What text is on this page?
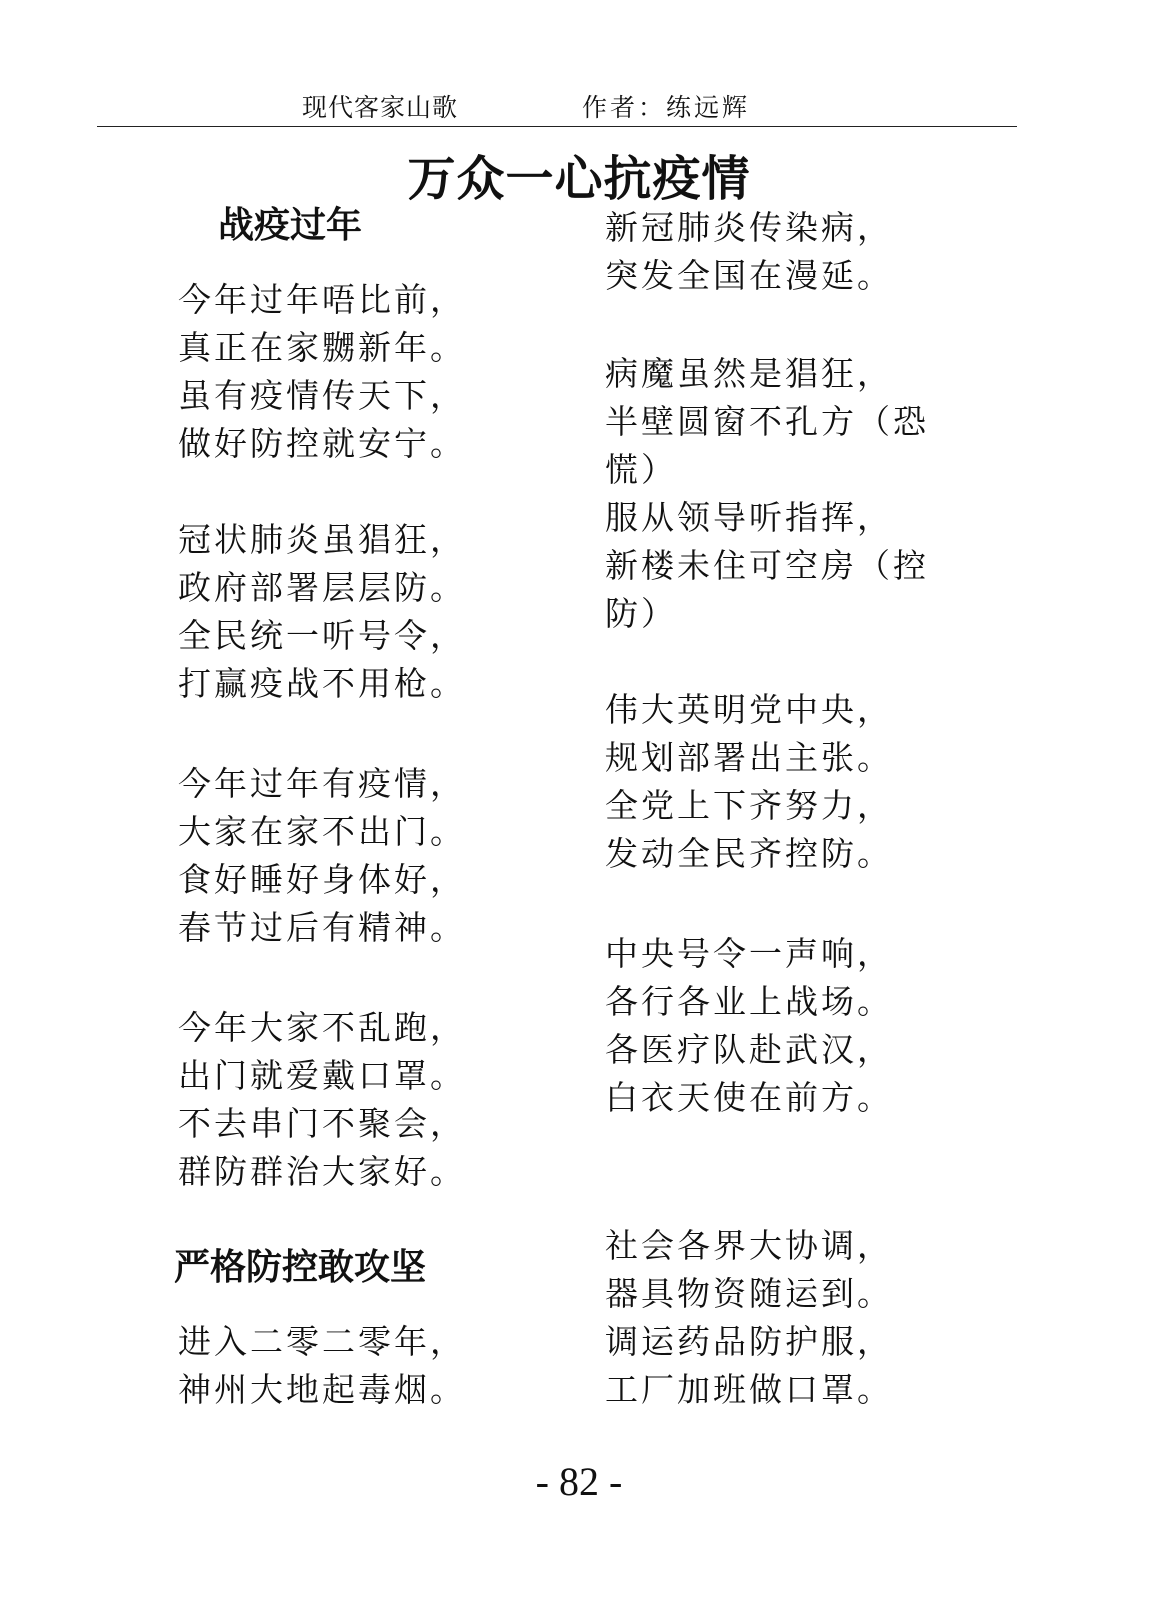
现代客家山歌	作者：练远辉
万众一心抗疫情
战疫过年
今年过年唔比前，
真正在家嬲新年。
虽有疫情传天下，
做好防控就安宁。
冠状肺炎虽猖狂，
政府部署层层防。
全民统一听号令，
打赢疫战不用枪。
今年过年有疫情，
大家在家不出门。
食好睡好身体好，
春节过后有精神。
今年大家不乱跑，
出门就爱戴口罩。
不去串门不聚会，
群防群治大家好。
严格防控敢攻坚
进入二零二零年，
神州大地起毒烟。
新冠肺炎传染病，
突发全国在漫延。
病魔虽然是猖狂，
半壁圆窗不孔方（恐慌）
服从领导听指挥，
新楼未住可空房（控防）
伟大英明党中央，
规划部署出主张。
全党上下齐努力，
发动全民齐控防。
中央号令一声响，
各行各业上战场。
各医疗队赴武汉，
白衣天使在前方。
社会各界大协调，
器具物资随运到。
调运药品防护服，
工厂加班做口罩。
- 82 -
